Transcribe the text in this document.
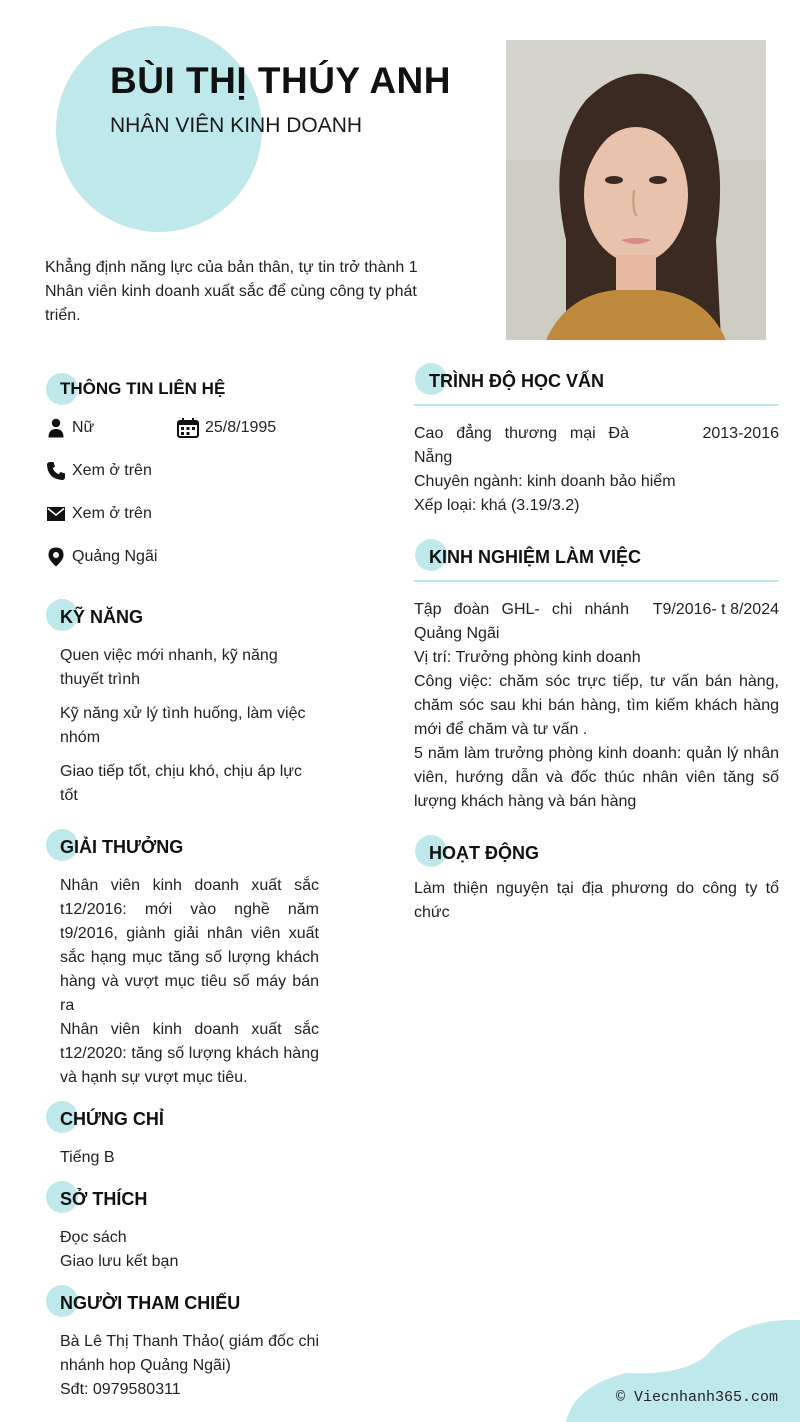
BÙI THỊ THÚY ANH
NHÂN VIÊN KINH DOANH
Khẳng định năng lực của bản thân, tự tin trở thành 1 Nhân viên kinh doanh xuất sắc để cùng công ty phát triển.
THÔNG TIN LIÊN HỆ
Nữ	25/8/1995
Xem ở trên
Xem ở trên
Quảng Ngãi
KỸ NĂNG

Quen việc mới nhanh, kỹ năng thuyết trình

Kỹ năng xử lý tình huống, làm việc nhóm

Giao tiếp tốt, chịu khó, chịu áp lực tốt

GIẢI THƯỞNG

Nhân viên kinh doanh xuất sắc t12/2016: mới vào nghề năm t9/2016, giành giải nhân viên xuất sắc hạng mục tăng số lượng khách hàng và vượt mục tiêu số máy bán ra

Nhân viên kinh doanh xuất sắc t12/2020: tăng số lượng khách hàng và hạnh sự vượt mục tiêu.

CHỨNG CHỈ

Tiếng B

SỞ THÍCH

Đọc sách

Giao lưu kết bạn

NGƯỜI THAM CHIẾU

Bà Lê Thị Thanh Thảo( giám đốc chi nhánh hop Quảng Ngãi)

Sđt: 0979580311

TRÌNH ĐỘ HỌC VẤN
Cao đẳng thương mại Đà Nẵng
2013-2016

Chuyên ngành: kinh doanh bảo hiểm

Xếp loại: khá (3.19/3.2)

KINH NGHIỆM LÀM VIỆC
Tập đoàn GHL- chi nhánh Quảng Ngãi
T9/2016- t 8/2024

Vị trí: Trưởng phòng kinh doanh

Công việc: chăm sóc trực tiếp, tư vấn bán hàng, chăm sóc sau khi bán hàng, tìm kiếm khách hàng mới để chăm và tư vấn .

5 năm làm trưởng phòng kinh doanh: quản lý nhân viên, hướng dẫn và đốc thúc nhân viên tăng số lượng khách hàng và bán hàng

HOẠT ĐỘNG

Làm thiện nguyện tại địa phương do công ty tổ chức

© Viecnhanh365.com
